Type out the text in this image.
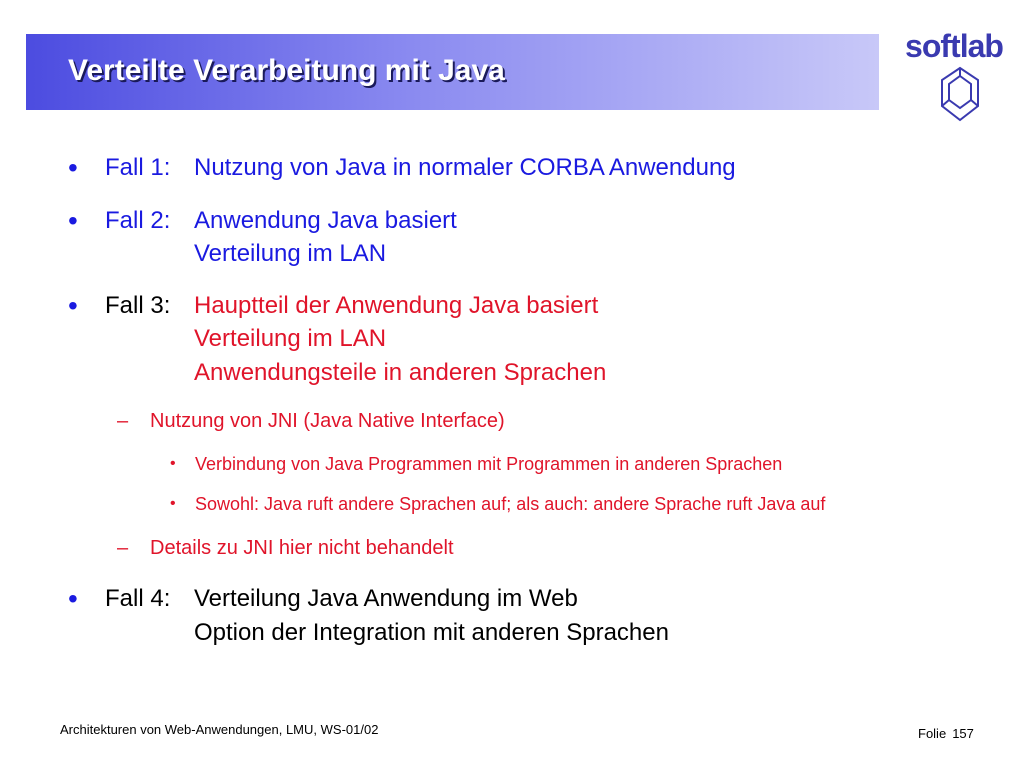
Verteilte Verarbeitung mit Java
softlab
•	Fall 1: Nutzung von Java in normaler CORBA Anwendung
•	Fall 2: Anwendung Java basiert
Verteilung im LAN
•	Fall 3: Hauptteil der Anwendung Java basiert
Verteilung im LAN
Anwendungsteile in anderen Sprachen
– Nutzung von JNI (Java Native Interface)
• Verbindung von Java Programmen mit Programmen in anderen Sprachen
• Sowohl: Java ruft andere Sprachen auf; als auch: andere Sprache ruft Java auf
– Details zu JNI hier nicht behandelt
•	Fall 4: Verteilung Java Anwendung im Web
Option der Integration mit anderen Sprachen
Architekturen von Web-Anwendungen, LMU, WS-01/02	Folie 157
